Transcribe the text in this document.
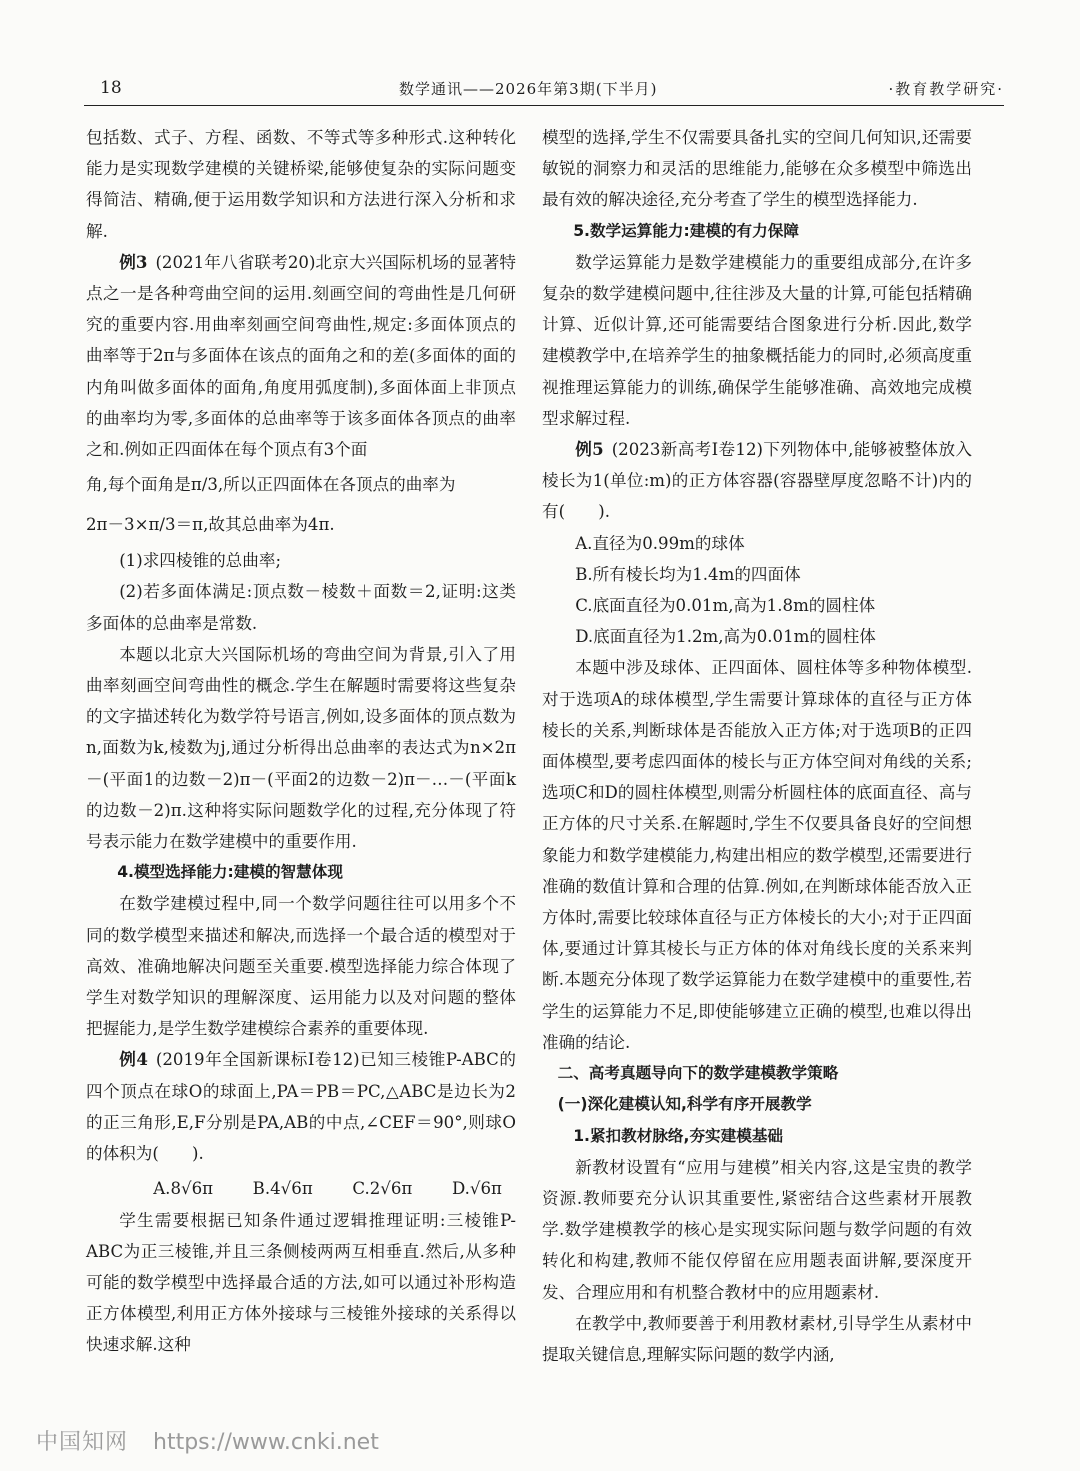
18	数学通讯——2026年第3期(下半月)	·教育教学研究·

包括数、式子、方程、函数、不等式等多种形式.这种转化能力是实现数学建模的关键桥梁,能够使复杂的实际问题变得简洁、精确,便于运用数学知识和方法进行深入分析和求解.

例3 (2021年八省联考20)北京大兴国际机场的显著特点之一是各种弯曲空间的运用.刻画空间的弯曲性是几何研究的重要内容.用曲率刻画空间弯曲性,规定:多面体顶点的曲率等于2π与多面体在该点的面角之和的差(多面体的面的内角叫做多面体的面角,角度用弧度制),多面体面上非顶点的曲率均为零,多面体的总曲率等于该多面体各顶点的曲率之和.例如正四面体在每个顶点有3个面

角,每个面角是π/3,所以正四面体在各顶点的曲率为

2π－3×π/3＝π,故其总曲率为4π.

(1)求四棱锥的总曲率;

(2)若多面体满足:顶点数－棱数＋面数＝2,证明:这类多面体的总曲率是常数.

本题以北京大兴国际机场的弯曲空间为背景,引入了用曲率刻画空间弯曲性的概念.学生在解题时需要将这些复杂的文字描述转化为数学符号语言,例如,设多面体的顶点数为n,面数为k,棱数为j,通过分析得出总曲率的表达式为n×2π－(平面1的边数－2)π－(平面2的边数－2)π－…－(平面k的边数－2)π.这种将实际问题数学化的过程,充分体现了符号表示能力在数学建模中的重要作用.

4.模型选择能力:建模的智慧体现

在数学建模过程中,同一个数学问题往往可以用多个不同的数学模型来描述和解决,而选择一个最合适的模型对于高效、准确地解决问题至关重要.模型选择能力综合体现了学生对数学知识的理解深度、运用能力以及对问题的整体把握能力,是学生数学建模综合素养的重要体现.

例4 (2019年全国新课标Ⅰ卷12)已知三棱锥P-ABC的四个顶点在球O的球面上,PA＝PB＝PC,△ABC是边长为2的正三角形,E,F分别是PA,AB的中点,∠CEF＝90°,则球O的体积为(　　).

A.8√6π	B.4√6π	C.2√6π	D.√6π

学生需要根据已知条件通过逻辑推理证明:三棱锥P-ABC为正三棱锥,并且三条侧棱两两互相垂直.然后,从多种可能的数学模型中选择最合适的方法,如可以通过补形构造正方体模型,利用正方体外接球与三棱锥外接球的关系得以快速求解.这种

模型的选择,学生不仅需要具备扎实的空间几何知识,还需要敏锐的洞察力和灵活的思维能力,能够在众多模型中筛选出最有效的解决途径,充分考查了学生的模型选择能力.

5.数学运算能力:建模的有力保障

数学运算能力是数学建模能力的重要组成部分,在许多复杂的数学建模问题中,往往涉及大量的计算,可能包括精确计算、近似计算,还可能需要结合图象进行分析.因此,数学建模教学中,在培养学生的抽象概括能力的同时,必须高度重视推理运算能力的训练,确保学生能够准确、高效地完成模型求解过程.

例5 (2023新高考Ⅰ卷12)下列物体中,能够被整体放入棱长为1(单位:m)的正方体容器(容器壁厚度忽略不计)内的有(　　).

A.直径为0.99m的球体

B.所有棱长均为1.4m的四面体

C.底面直径为0.01m,高为1.8m的圆柱体

D.底面直径为1.2m,高为0.01m的圆柱体

本题中涉及球体、正四面体、圆柱体等多种物体模型.对于选项A的球体模型,学生需要计算球体的直径与正方体棱长的关系,判断球体是否能放入正方体;对于选项B的正四面体模型,要考虑四面体的棱长与正方体空间对角线的关系;选项C和D的圆柱体模型,则需分析圆柱体的底面直径、高与正方体的尺寸关系.在解题时,学生不仅要具备良好的空间想象能力和数学建模能力,构建出相应的数学模型,还需要进行准确的数值计算和合理的估算.例如,在判断球体能否放入正方体时,需要比较球体直径与正方体棱长的大小;对于正四面体,要通过计算其棱长与正方体的体对角线长度的关系来判断.本题充分体现了数学运算能力在数学建模中的重要性,若学生的运算能力不足,即使能够建立正确的模型,也难以得出准确的结论.

二、高考真题导向下的数学建模教学策略

(一)深化建模认知,科学有序开展教学

1.紧扣教材脉络,夯实建模基础

新教材设置有“应用与建模”相关内容,这是宝贵的教学资源.教师要充分认识其重要性,紧密结合这些素材开展教学.数学建模教学的核心是实现实际问题与数学问题的有效转化和构建,教师不能仅停留在应用题表面讲解,要深度开发、合理应用和有机整合教材中的应用题素材.

在教学中,教师要善于利用教材素材,引导学生从素材中提取关键信息,理解实际问题的数学内涵,

中国知网 https://www.cnki.net
